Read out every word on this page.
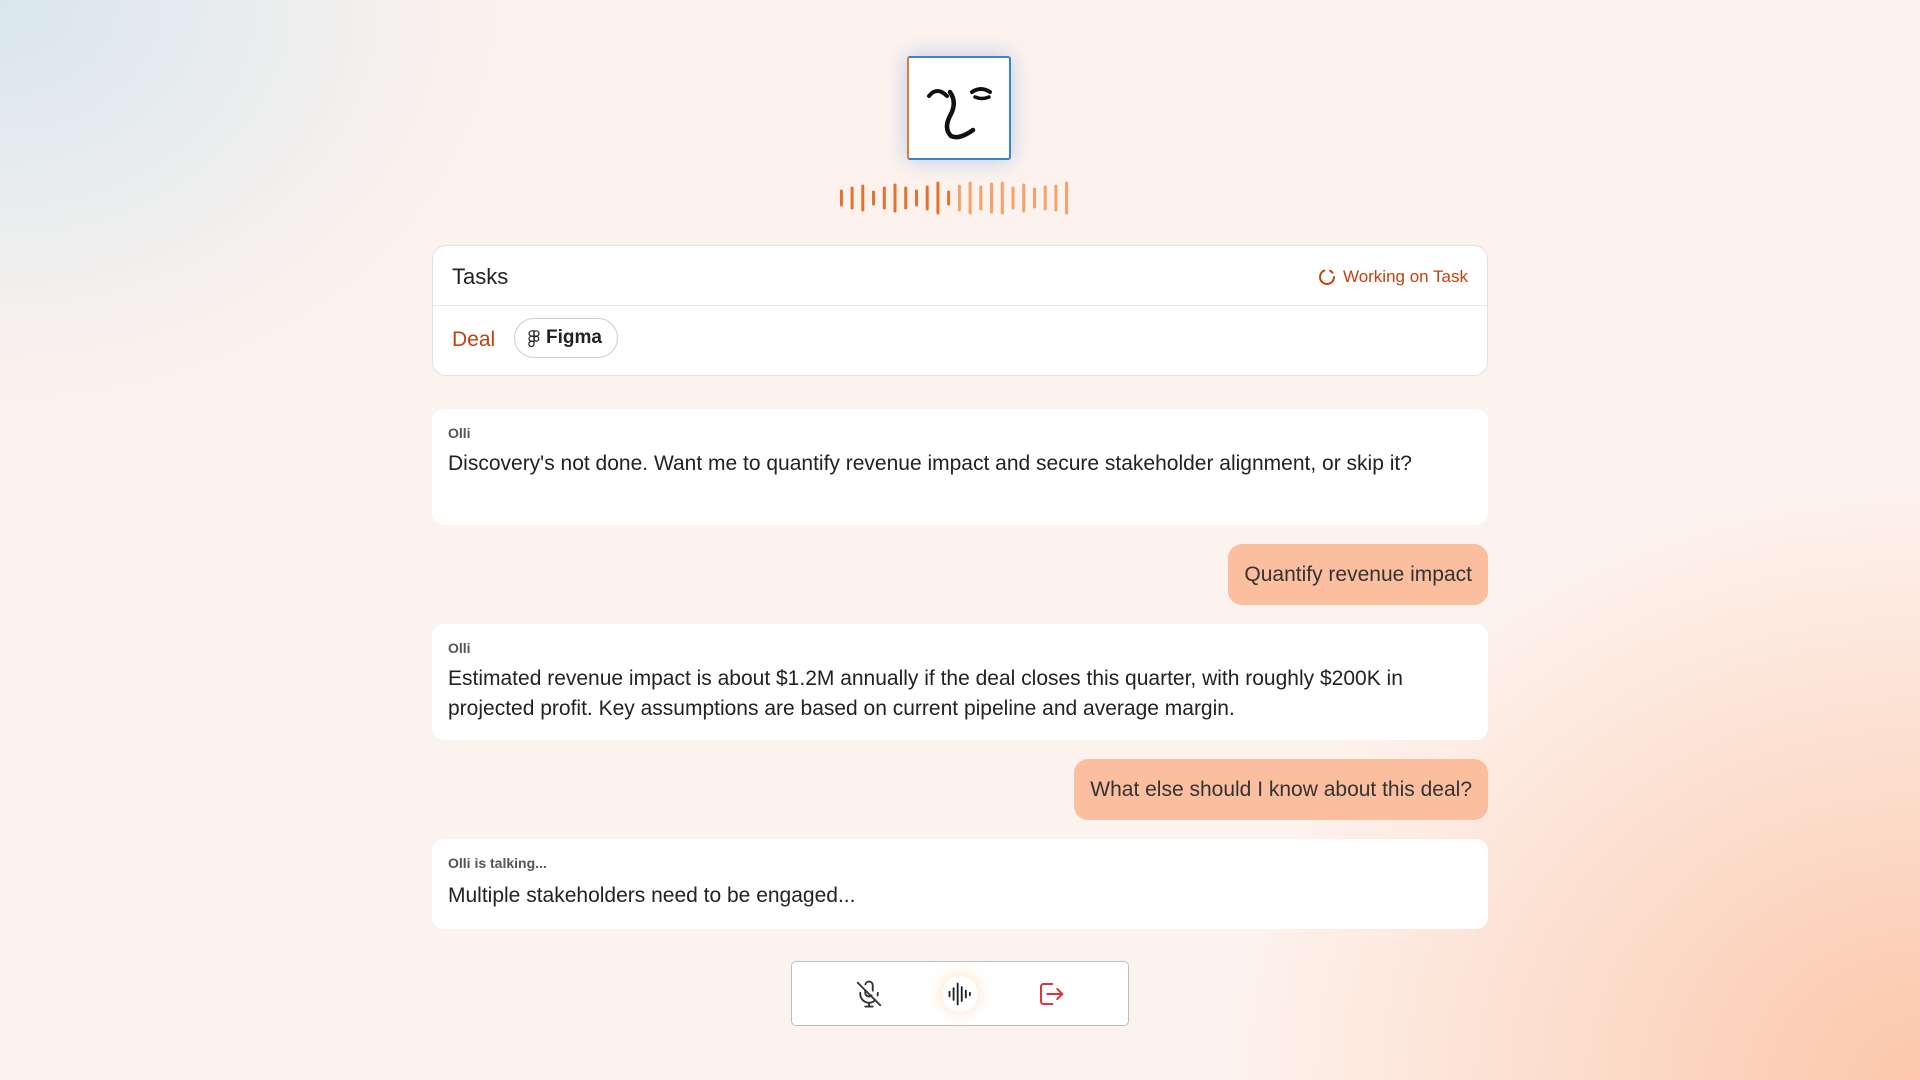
Tasks	Working on Task
Deal	Figma
Olli
Discovery's not done. Want me to quantify revenue impact and secure stakeholder alignment, or skip it?
Quantify revenue impact
Olli
Estimated revenue impact is about $1.2M annually if the deal closes this quarter, with roughly $200K in projected profit. Key assumptions are based on current pipeline and average margin.
What else should I know about this deal?
Olli is talking...
Multiple stakeholders need to be engaged...
